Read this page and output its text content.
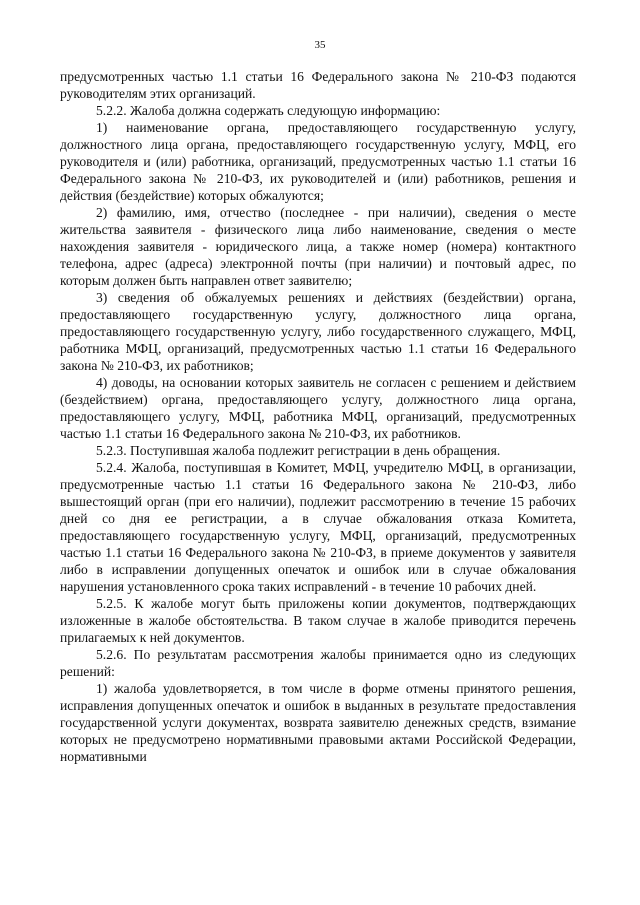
35

предусмотренных частью 1.1 статьи 16 Федерального закона № 210-ФЗ подаются руководителям этих организаций.

5.2.2. Жалоба должна содержать следующую информацию:

1) наименование органа, предоставляющего государственную услугу, должностного лица органа, предоставляющего государственную услугу, МФЦ, его руководителя и (или) работника, организаций, предусмотренных частью 1.1 статьи 16 Федерального закона № 210-ФЗ, их руководителей и (или) работников, решения и действия (бездействие) которых обжалуются;

2) фамилию, имя, отчество (последнее - при наличии), сведения о месте жительства заявителя - физического лица либо наименование, сведения о месте нахождения заявителя - юридического лица, а также номер (номера) контактного телефона, адрес (адреса) электронной почты (при наличии) и почтовый адрес, по которым должен быть направлен ответ заявителю;

3) сведения об обжалуемых решениях и действиях (бездействии) органа, предоставляющего государственную услугу, должностного лица органа, предоставляющего государственную услугу, либо государственного служащего, МФЦ, работника МФЦ, организаций, предусмотренных частью 1.1 статьи 16 Федерального закона № 210-ФЗ, их работников;

4) доводы, на основании которых заявитель не согласен с решением и действием (бездействием) органа, предоставляющего услугу, должностного лица органа, предоставляющего услугу, МФЦ, работника МФЦ, организаций, предусмотренных частью 1.1 статьи 16 Федерального закона № 210-ФЗ, их работников.

5.2.3. Поступившая жалоба подлежит регистрации в день обращения.

5.2.4. Жалоба, поступившая в Комитет, МФЦ, учредителю МФЦ, в организации, предусмотренные частью 1.1 статьи 16 Федерального закона № 210-ФЗ, либо вышестоящий орган (при его наличии), подлежит рассмотрению в течение 15 рабочих дней со дня ее регистрации, а в случае обжалования отказа Комитета, предоставляющего государственную услугу, МФЦ, организаций, предусмотренных частью 1.1 статьи 16 Федерального закона № 210-ФЗ, в приеме документов у заявителя либо в исправлении допущенных опечаток и ошибок или в случае обжалования нарушения установленного срока таких исправлений - в течение 10 рабочих дней.

5.2.5. К жалобе могут быть приложены копии документов, подтверждающих изложенные в жалобе обстоятельства. В таком случае в жалобе приводится перечень прилагаемых к ней документов.

5.2.6. По результатам рассмотрения жалобы принимается одно из следующих решений:

1) жалоба удовлетворяется, в том числе в форме отмены принятого решения, исправления допущенных опечаток и ошибок в выданных в результате предоставления государственной услуги документах, возврата заявителю денежных средств, взимание которых не предусмотрено нормативными правовыми актами Российской Федерации, нормативными
